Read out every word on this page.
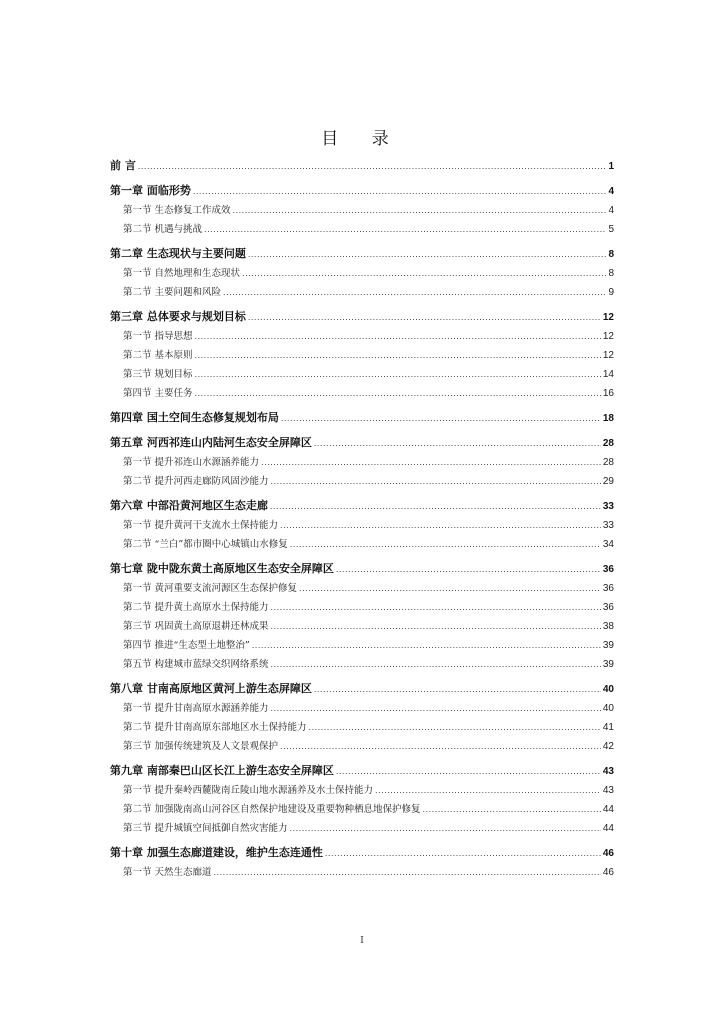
目 录
前 言 .....	1
第一章 面临形势 .....	4
第一节 生态修复工作成效 .....	4
第二节 机遇与挑战 .....	5
第二章 生态现状与主要问题 .....	8
第一节 自然地理和生态现状 .....	8
第二节 主要问题和风险 .....	9
第三章 总体要求与规划目标 .....	12
第一节 指导思想 .....	12
第二节 基本原则 .....	12
第三节 规划目标 .....	14
第四节 主要任务 .....	16
第四章 国土空间生态修复规划布局 .....	18
第五章 河西祁连山内陆河生态安全屏障区 .....	28
第一节 提升祁连山水源涵养能力 .....	28
第二节 提升河西走廊防风固沙能力 .....	29
第六章 中部沿黄河地区生态走廊 .....	33
第一节 提升黄河干支流水土保持能力 .....	33
第二节 “兰白”都市圈中心城镇山水修复 .....	34
第七章 陇中陇东黄土高原地区生态安全屏障区 .....	36
第一节 黄河重要支流河源区生态保护修复 .....	36
第二节 提升黄土高原水土保持能力 .....	36
第三节 巩固黄土高原退耕还林成果 .....	38
第四节 推进“生态型土地整治” .....	39
第五节 构建城市蓝绿交织网络系统 .....	39
第八章 甘南高原地区黄河上游生态屏障区 .....	40
第一节 提升甘南高原水源涵养能力 .....	40
第二节 提升甘南高原东部地区水土保持能力 .....	41
第三节 加强传统建筑及人文景观保护 .....	42
第九章 南部秦巴山区长江上游生态安全屏障区 .....	43
第一节 提升秦岭西麓陇南丘陵山地水源涵养及水土保持能力 .....	43
第二节 加强陇南高山河谷区自然保护地建设及重要物种栖息地保护修复 .....	44
第三节 提升城镇空间抵御自然灾害能力 .....	44
第十章 加强生态廊道建设，维护生态连通性 .....	46
第一节 天然生态廊道 .....	46
I
